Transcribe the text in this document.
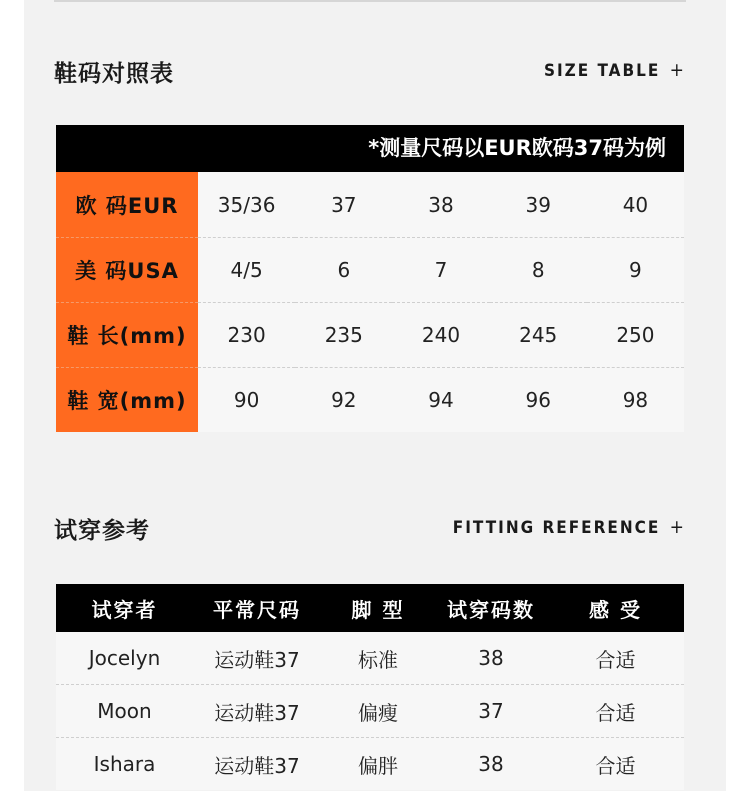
鞋码对照表	SIZE TABLE +
*测量尺码以EUR欧码37码为例
欧 码EUR	35/36	37	38	39	40
美 码USA	4/5	6	7	8	9
鞋 长(mm)	230	235	240	245	250
鞋 宽(mm)	90	92	94	96	98
试穿参考	FITTING REFERENCE +
试穿者	平常尺码	脚 型	试穿码数	感 受
Jocelyn	运动鞋37	标准	38	合适
Moon	运动鞋37	偏瘦	37	合适
Ishara	运动鞋37	偏胖	38	合适
